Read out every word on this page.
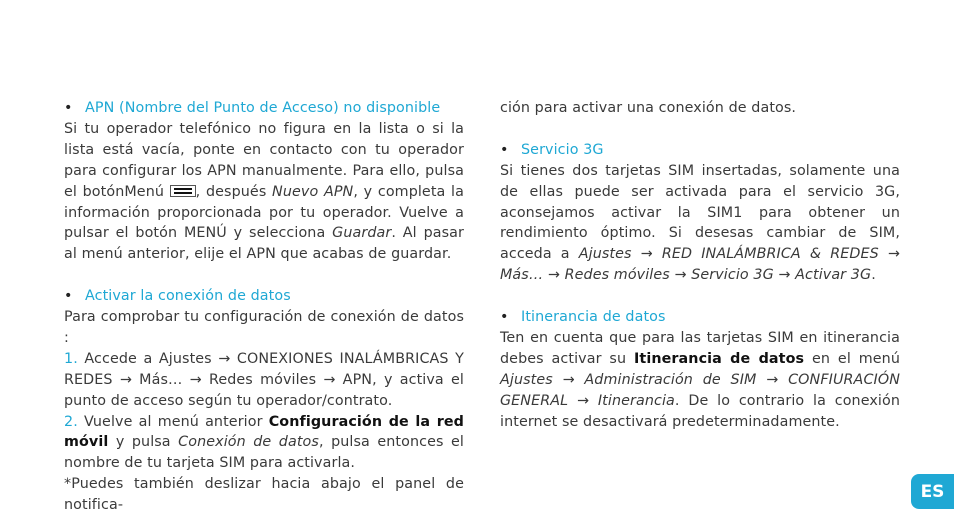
• APN (Nombre del Punto de Acceso) no disponible

Si tu operador telefónico no figura en la lista o si la lista está vacía, ponte en contacto con tu operador para configurar los APN manualmente. Para ello, pulsa el botónMenú , después Nuevo APN, y completa la información proporcionada por tu operador. Vuelve a pulsar el botón MENÚ y selecciona Guardar. Al pasar al menú anterior, elije el APN que acabas de guardar.

• Activar la conexión de datos

Para comprobar tu configuración de conexión de datos :

1. Accede a Ajustes → CONEXIONES INALÁMBRICAS Y REDES → Más… → Redes móviles → APN, y activa el punto de acceso según tu operador/contrato.

2. Vuelve al menú anterior Configuración de la red móvil y pulsa Conexión de datos, pulsa entonces el nombre de tu tarjeta SIM para activarla.

*Puedes también deslizar hacia abajo el panel de notifica-

ción para activar una conexión de datos.

• Servicio 3G

Si tienes dos tarjetas SIM insertadas, solamente una de ellas puede ser activada para el servicio 3G, aconsejamos activar la SIM1 para obtener un rendimiento óptimo. Si desesas cambiar de SIM, acceda a Ajustes → RED INALÁMBRICA & REDES → Más… → Redes móviles → Servicio 3G → Activar 3G.

• Itinerancia de datos

Ten en cuenta que para las tarjetas SIM en itinerancia debes activar su Itinerancia de datos en el menú Ajustes → Administración de SIM → CONFIURACIÓN GENERAL → Itinerancia. De lo contrario la conexión internet se desactivará predeterminadamente.

ES
